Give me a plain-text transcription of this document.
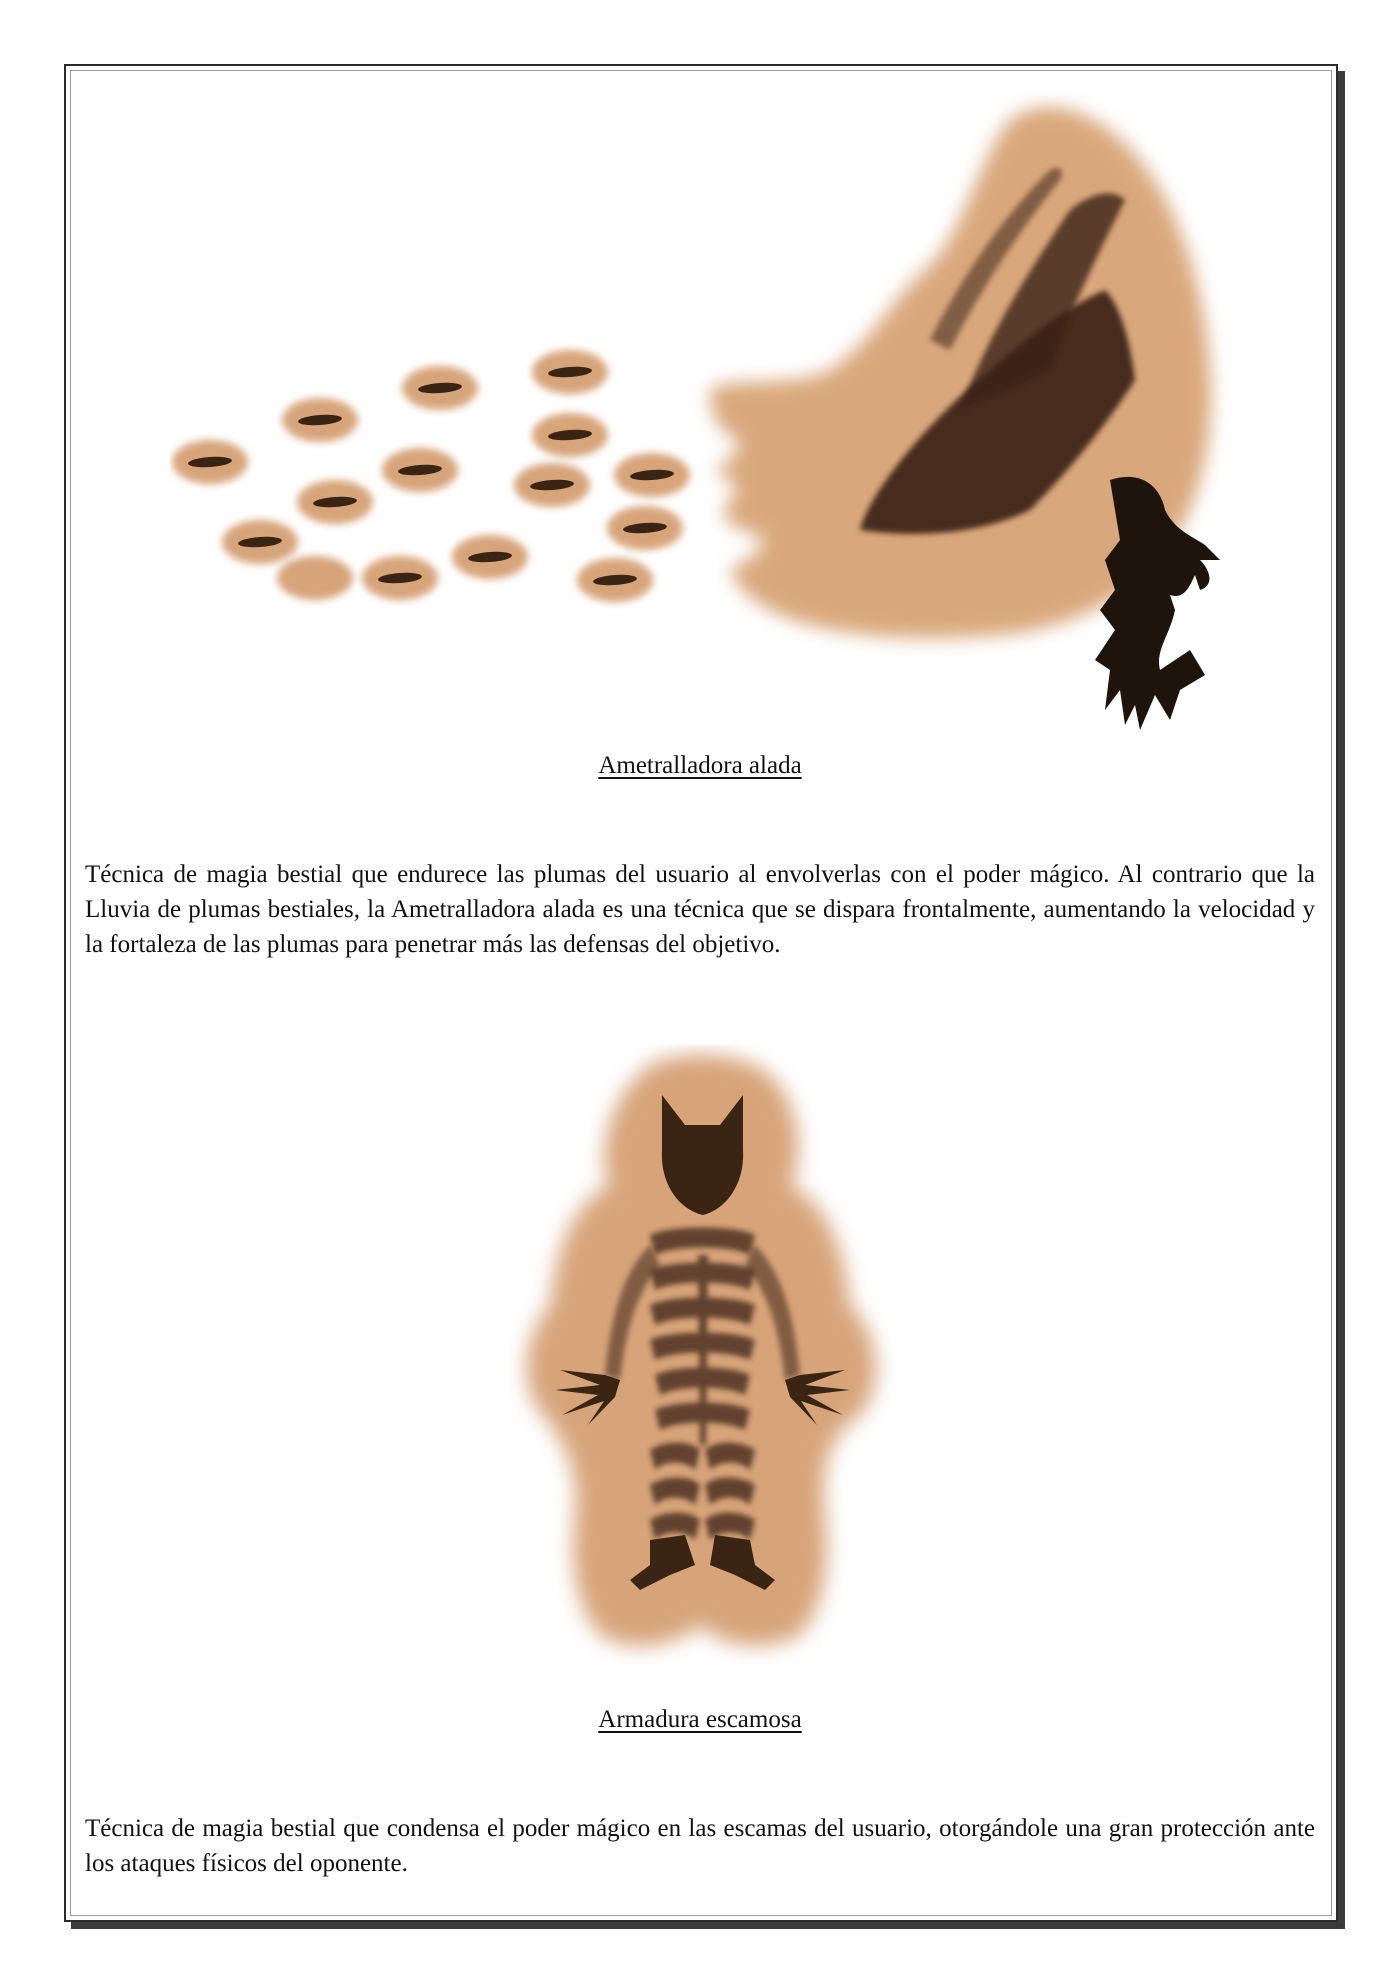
Ametralladora alada

Técnica de magia bestial que endurece las plumas del usuario al envolverlas con el poder mágico. Al contrario que la Lluvia de plumas bestiales, la Ametralladora alada es una técnica que se dispara frontalmente, aumentando la velocidad y la fortaleza de las plumas para penetrar más las defensas del objetivo.

Armadura escamosa

Técnica de magia bestial que condensa el poder mágico en las escamas del usuario, otorgándole una gran protección ante los ataques físicos del oponente.
